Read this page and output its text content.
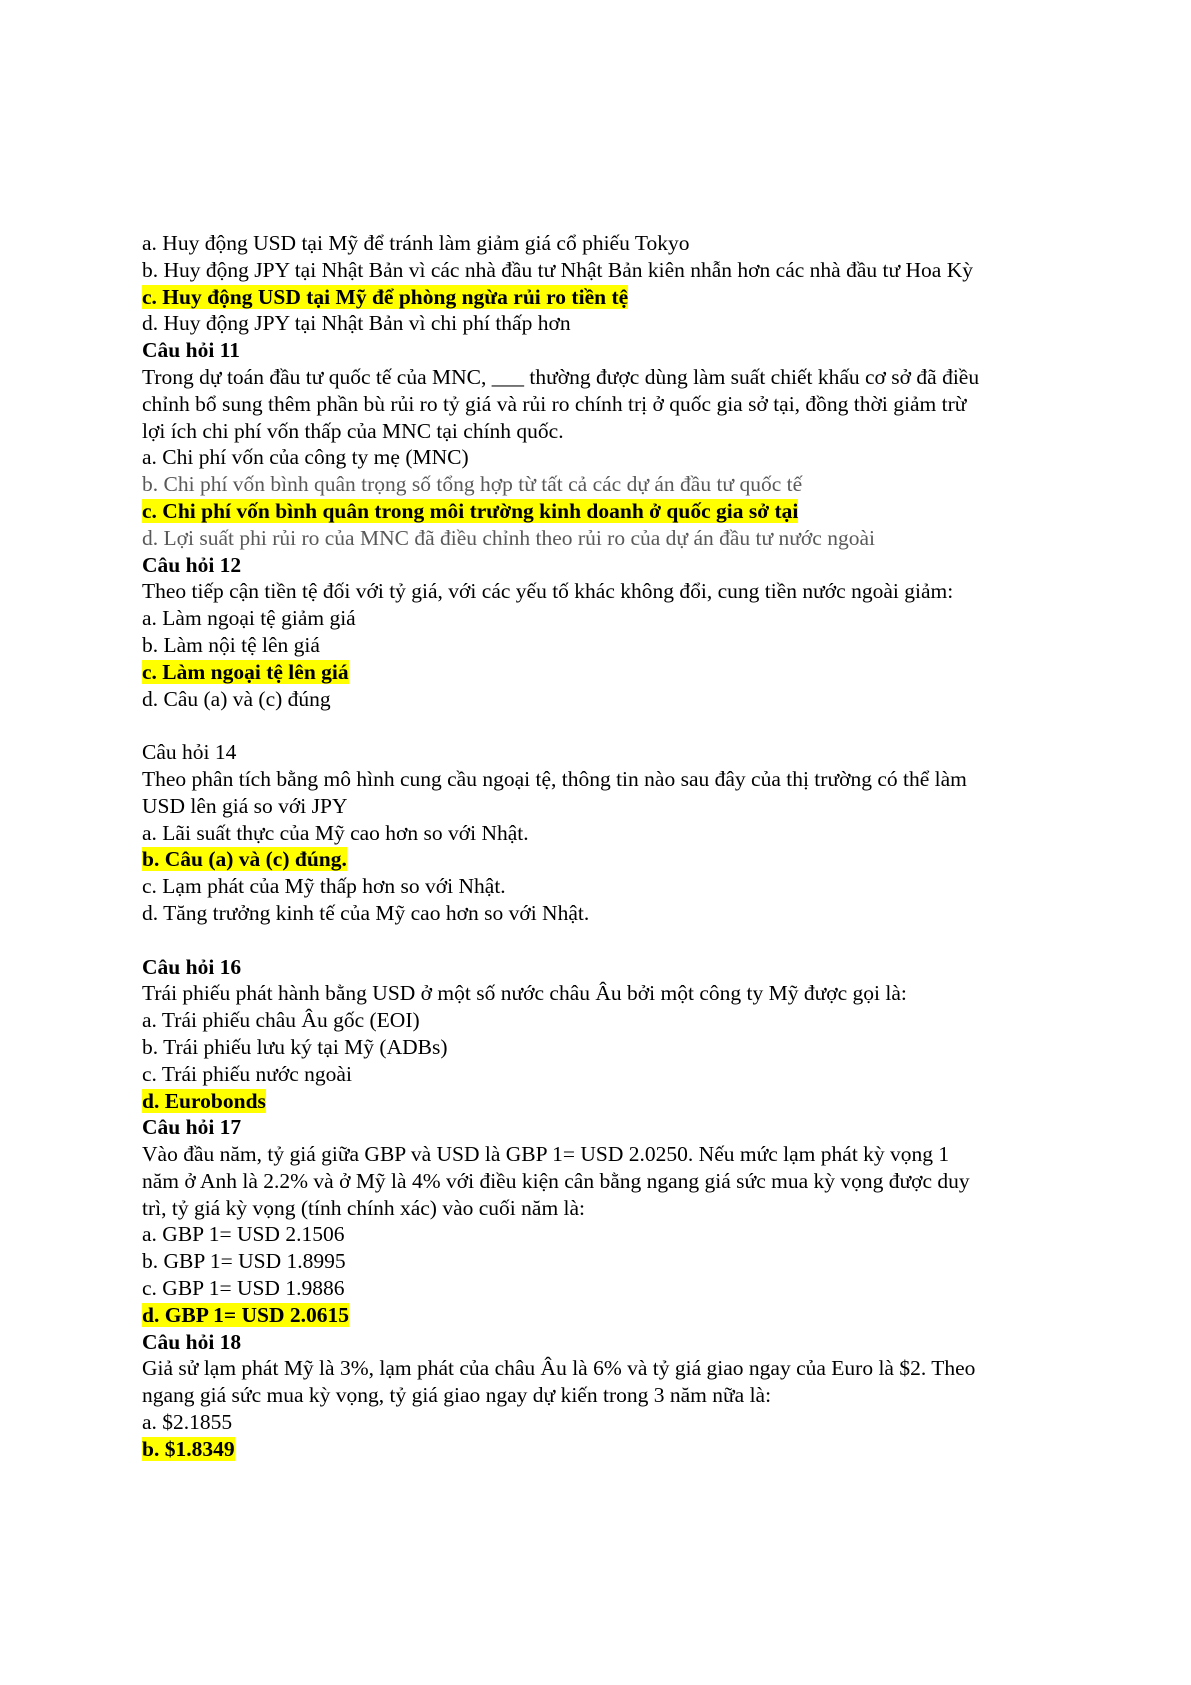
a. Huy động USD tại Mỹ để tránh làm giảm giá cổ phiếu Tokyo
b. Huy động JPY tại Nhật Bản vì các nhà đầu tư Nhật Bản kiên nhẫn hơn các nhà đầu tư Hoa Kỳ
c. Huy động USD tại Mỹ để phòng ngừa rủi ro tiền tệ
d. Huy động JPY tại Nhật Bản vì chi phí thấp hơn
Câu hỏi 11
Trong dự toán đầu tư quốc tế của MNC, ___ thường được dùng làm suất chiết khấu cơ sở đã điều
chỉnh bổ sung thêm phần bù rủi ro tỷ giá và rủi ro chính trị ở quốc gia sở tại, đồng thời giảm trừ
lợi ích chi phí vốn thấp của MNC tại chính quốc.
a. Chi phí vốn của công ty mẹ (MNC)
b. Chi phí vốn bình quân trọng số tổng hợp từ tất cả các dự án đầu tư quốc tế
c. Chi phí vốn bình quân trong môi trường kinh doanh ở quốc gia sở tại
d. Lợi suất phi rủi ro của MNC đã điều chỉnh theo rủi ro của dự án đầu tư nước ngoài
Câu hỏi 12
Theo tiếp cận tiền tệ đối với tỷ giá, với các yếu tố khác không đổi, cung tiền nước ngoài giảm:
a. Làm ngoại tệ giảm giá
b. Làm nội tệ lên giá
c. Làm ngoại tệ lên giá
d. Câu (a) và (c) đúng
Câu hỏi 14
Theo phân tích bằng mô hình cung cầu ngoại tệ, thông tin nào sau đây của thị trường có thể làm
USD lên giá so với JPY
a. Lãi suất thực của Mỹ cao hơn so với Nhật.
b. Câu (a) và (c) đúng.
c. Lạm phát của Mỹ thấp hơn so với Nhật.
d. Tăng trưởng kinh tế của Mỹ cao hơn so với Nhật.
Câu hỏi 16
Trái phiếu phát hành bằng USD ở một số nước châu Âu bởi một công ty Mỹ được gọi là:
a. Trái phiếu châu Âu gốc (EOI)
b. Trái phiếu lưu ký tại Mỹ (ADBs)
c. Trái phiếu nước ngoài
d. Eurobonds
Câu hỏi 17
Vào đầu năm, tỷ giá giữa GBP và USD là GBP 1= USD 2.0250. Nếu mức lạm phát kỳ vọng 1
năm ở Anh là 2.2% và ở Mỹ là 4% với điều kiện cân bằng ngang giá sức mua kỳ vọng được duy
trì, tỷ giá kỳ vọng (tính chính xác) vào cuối năm là:
a. GBP 1= USD 2.1506
b. GBP 1= USD 1.8995
c. GBP 1= USD 1.9886
d. GBP 1= USD 2.0615
Câu hỏi 18
Giả sử lạm phát Mỹ là 3%, lạm phát của châu Âu là 6% và tỷ giá giao ngay của Euro là $2. Theo
ngang giá sức mua kỳ vọng, tỷ giá giao ngay dự kiến trong 3 năm nữa là:
a. $2.1855
b. $1.8349
